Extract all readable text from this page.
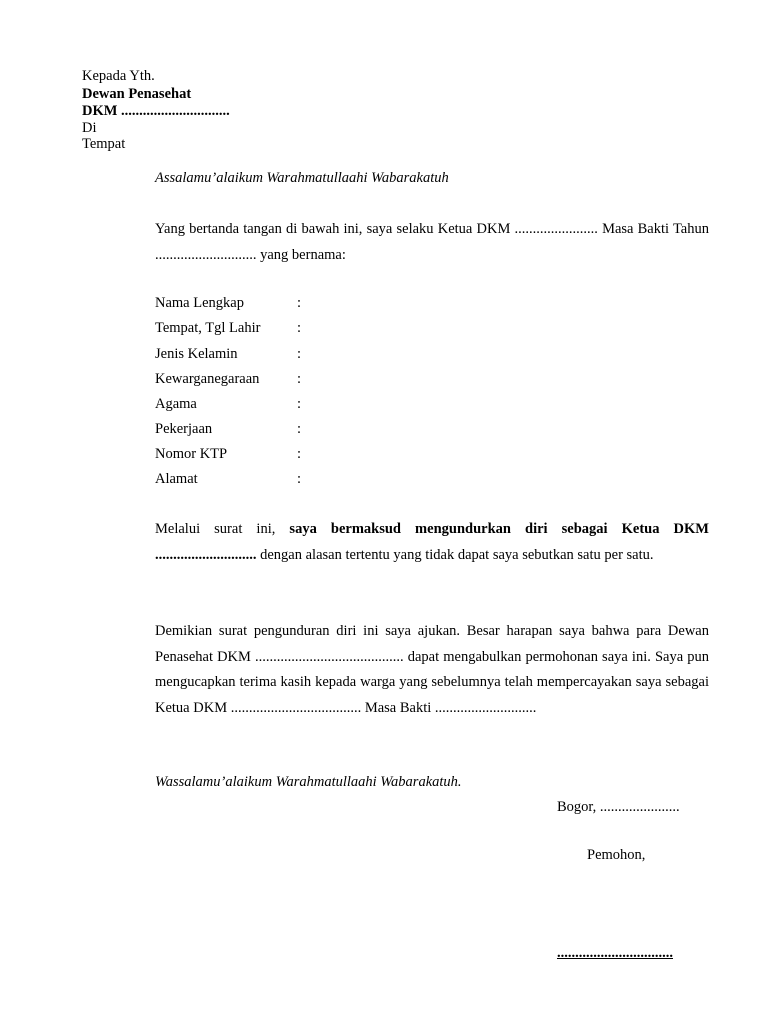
Kepada Yth.
Dewan Penasehat
DKM ..............................
Di
Tempat
Assalamu’alaikum Warahmatullaahi Wabarakatuh
Yang bertanda tangan di bawah ini, saya selaku Ketua DKM ....................... Masa Bakti Tahun ............................ yang bernama:
Nama Lengkap	:
Tempat, Tgl Lahir	:
Jenis Kelamin	:
Kewarganegaraan	:
Agama	:
Pekerjaan	:
Nomor KTP	:
Alamat	:
Melalui surat ini, saya bermaksud mengundurkan diri sebagai Ketua DKM ............................ dengan alasan tertentu yang tidak dapat saya sebutkan satu per satu.
Demikian surat pengunduran diri ini saya ajukan. Besar harapan saya bahwa para Dewan Penasehat DKM ......................................... dapat mengabulkan permohonan saya ini. Saya pun mengucapkan terima kasih kepada warga yang sebelumnya telah mempercayakan saya sebagai Ketua DKM .................................... Masa Bakti ............................
Wassalamu’alaikum Warahmatullaahi Wabarakatuh.
Bogor, ......................
Pemohon,
................................
